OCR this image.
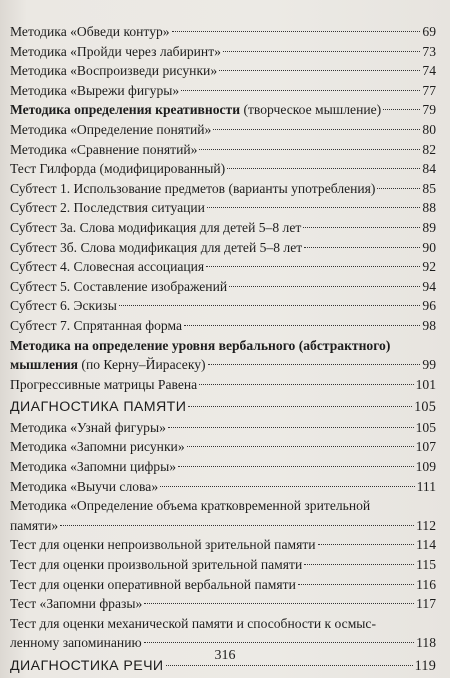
Методика «Обведи контур»	69
Методика «Пройди через лабиринт»	73
Методика «Воспроизведи рисунки»	74
Методика «Вырежи фигуры»	77
Методика определения креативности (творческое мышление)	79
Методика «Определение понятий»	80
Методика «Сравнение понятий»	82
Тест Гилфорда (модифицированный)	84
Субтест 1. Использование предметов (варианты употребления)	85
Субтест 2. Последствия ситуации	88
Субтест 3а. Слова модификация для детей 5–8 лет	89
Субтест 3б. Слова модификация для детей 5–8 лет	90
Субтест 4. Словесная ассоциация	92
Субтест 5. Составление изображений	94
Субтест 6. Эскизы	96
Субтест 7. Спрятанная форма	98
Методика на определение уровня вербального (абстрактного)
мышления (по Керну–Йирасеку)	99
Прогрессивные матрицы Равена	101
ДИАГНОСТИКА ПАМЯТИ	105
Методика «Узнай фигуры»	105
Методика «Запомни рисунки»	107
Методика «Запомни цифры»	109
Методика «Выучи слова»	111
Методика «Определение объема кратковременной зрительной
памяти»	112
Тест для оценки непроизвольной зрительной памяти	114
Тест для оценки произвольной зрительной памяти	115
Тест для оценки оперативной вербальной памяти	116
Тест «Запомни фразы»	117
Тест для оценки механической памяти и способности к осмыс-
ленному запоминанию	118
ДИАГНОСТИКА РЕЧИ	119
316
